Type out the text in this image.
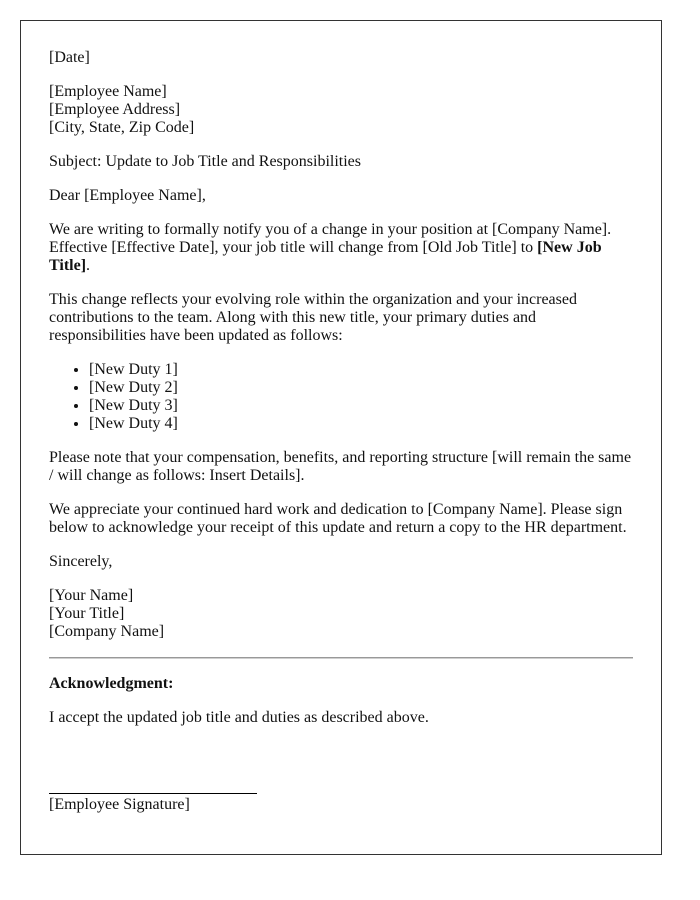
[Date]

[Employee Name]
[Employee Address]
[City, State, Zip Code]

Subject: Update to Job Title and Responsibilities

Dear [Employee Name],

We are writing to formally notify you of a change in your position at [Company Name]. Effective [Effective Date], your job title will change from [Old Job Title] to [New Job Title].

This change reflects your evolving role within the organization and your increased contributions to the team. Along with this new title, your primary duties and responsibilities have been updated as follows:

• [New Duty 1]
• [New Duty 2]
• [New Duty 3]
• [New Duty 4]

Please note that your compensation, benefits, and reporting structure [will remain the same / will change as follows: Insert Details].

We appreciate your continued hard work and dedication to [Company Name]. Please sign below to acknowledge your receipt of this update and return a copy to the HR department.

Sincerely,

[Your Name]
[Your Title]
[Company Name]

Acknowledgment:

I accept the updated job title and duties as described above.

[Employee Signature]
